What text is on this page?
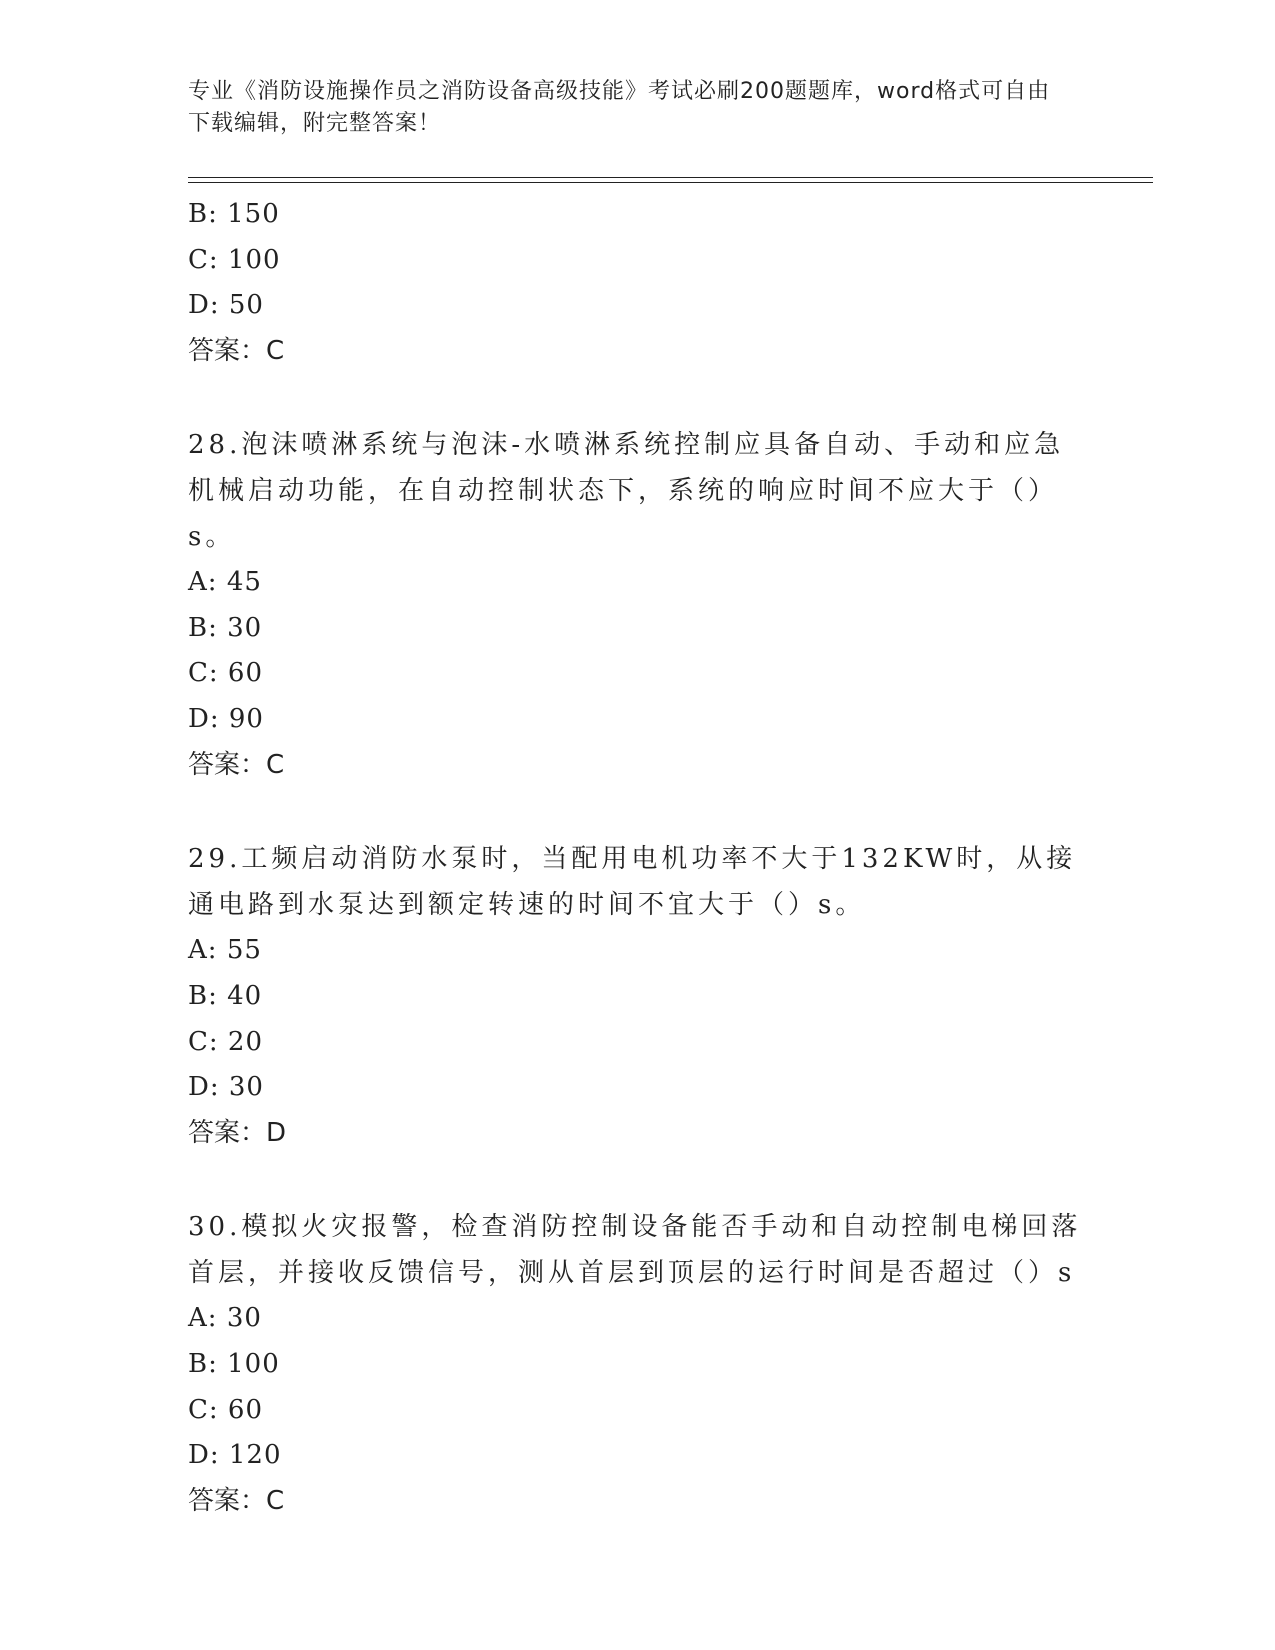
专业《消防设施操作员之消防设备高级技能》考试必刷200题题库，word格式可自由下载编辑，附完整答案！
B: 150
C: 100
D: 50
答案：C
28.泡沫喷淋系统与泡沫-水喷淋系统控制应具备自动、手动和应急机械启动功能，在自动控制状态下，系统的响应时间不应大于（）s。
A: 45
B: 30
C: 60
D: 90
答案：C
29.工频启动消防水泵时，当配用电机功率不大于132KW时，从接通电路到水泵达到额定转速的时间不宜大于（）s。
A: 55
B: 40
C: 20
D: 30
答案：D
30.模拟火灾报警，检查消防控制设备能否手动和自动控制电梯回落首层，并接收反馈信号，测从首层到顶层的运行时间是否超过（）s
A: 30
B: 100
C: 60
D: 120
答案：C
